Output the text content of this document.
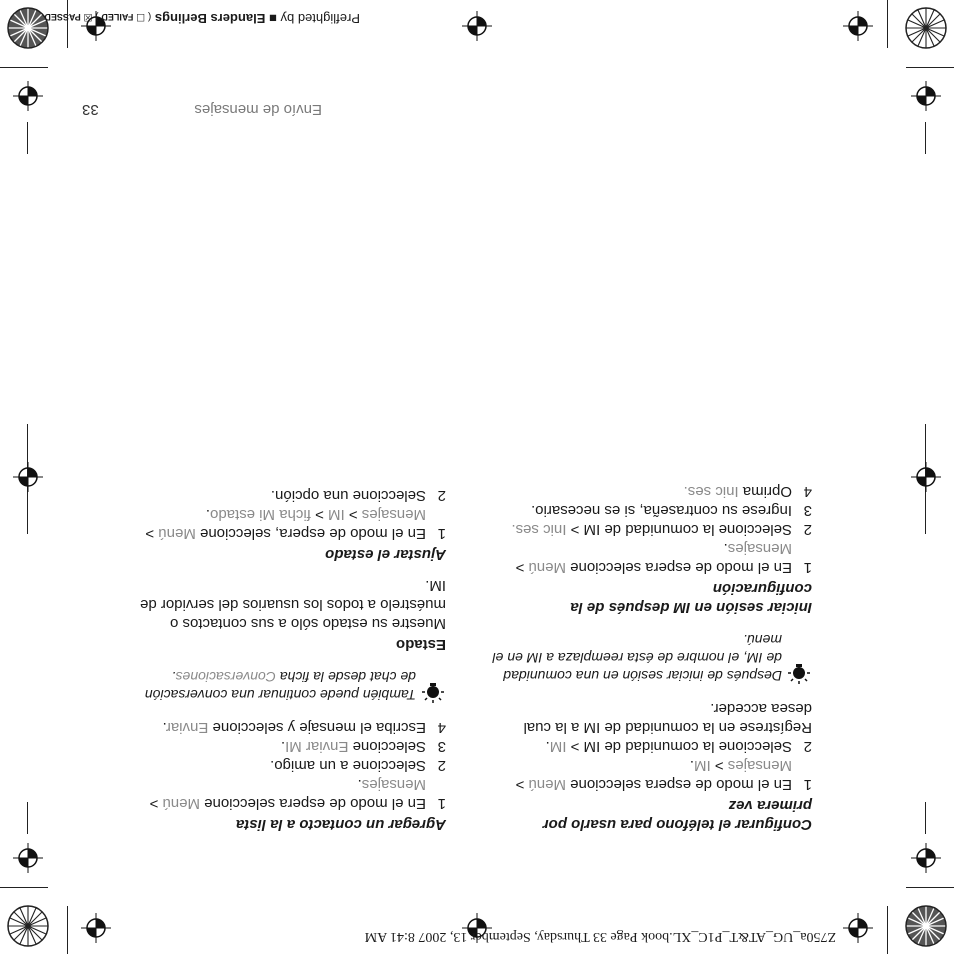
Z750a_UG_AT&T_P1C_XL.book Page 33 Thursday, September 13, 2007 8:41 AM
Envío de mensajes
33
Configurar el teléfono para usarlo por primera vez

1
En el modo de espera seleccione Menú > Mensajes > IM.

2
Seleccione la comunidad de IM > IM.

Regístrese en la comunidad de IM a la cual desea acceder.

Después de iniciar sesión en una comunidad de IM, el nombre de ésta reemplaza a IM en el menú.
Iniciar sesión en IM después de la configuración

1
En el modo de espera seleccione Menú > Mensajes.

2
Seleccione la comunidad de IM > Inic ses.

3
Ingrese su contraseña, si es necesario.

4
Oprima Inic ses.

Agregar un contacto a la lista

1
En el modo de espera seleccione Menú > Mensajes.

2
Seleccione a un amigo.

3
Seleccione Enviar MI.

4
Escriba el mensaje y seleccione Enviar.

También puede continuar una conversación de chat desde la ficha Conversaciones.
Estado

Muestre su estado sólo a sus contactos o muéstrelo a todos los usuarios del servidor de IM.

Ajustar el estado

1
En el modo de espera, seleccione Menú > Mensajes > IM > ficha Mi estado.

2
Seleccione una opción.

Preflighted by ■ Elanders Berlings ( ☐ FAILED ) ☒ PASSED
